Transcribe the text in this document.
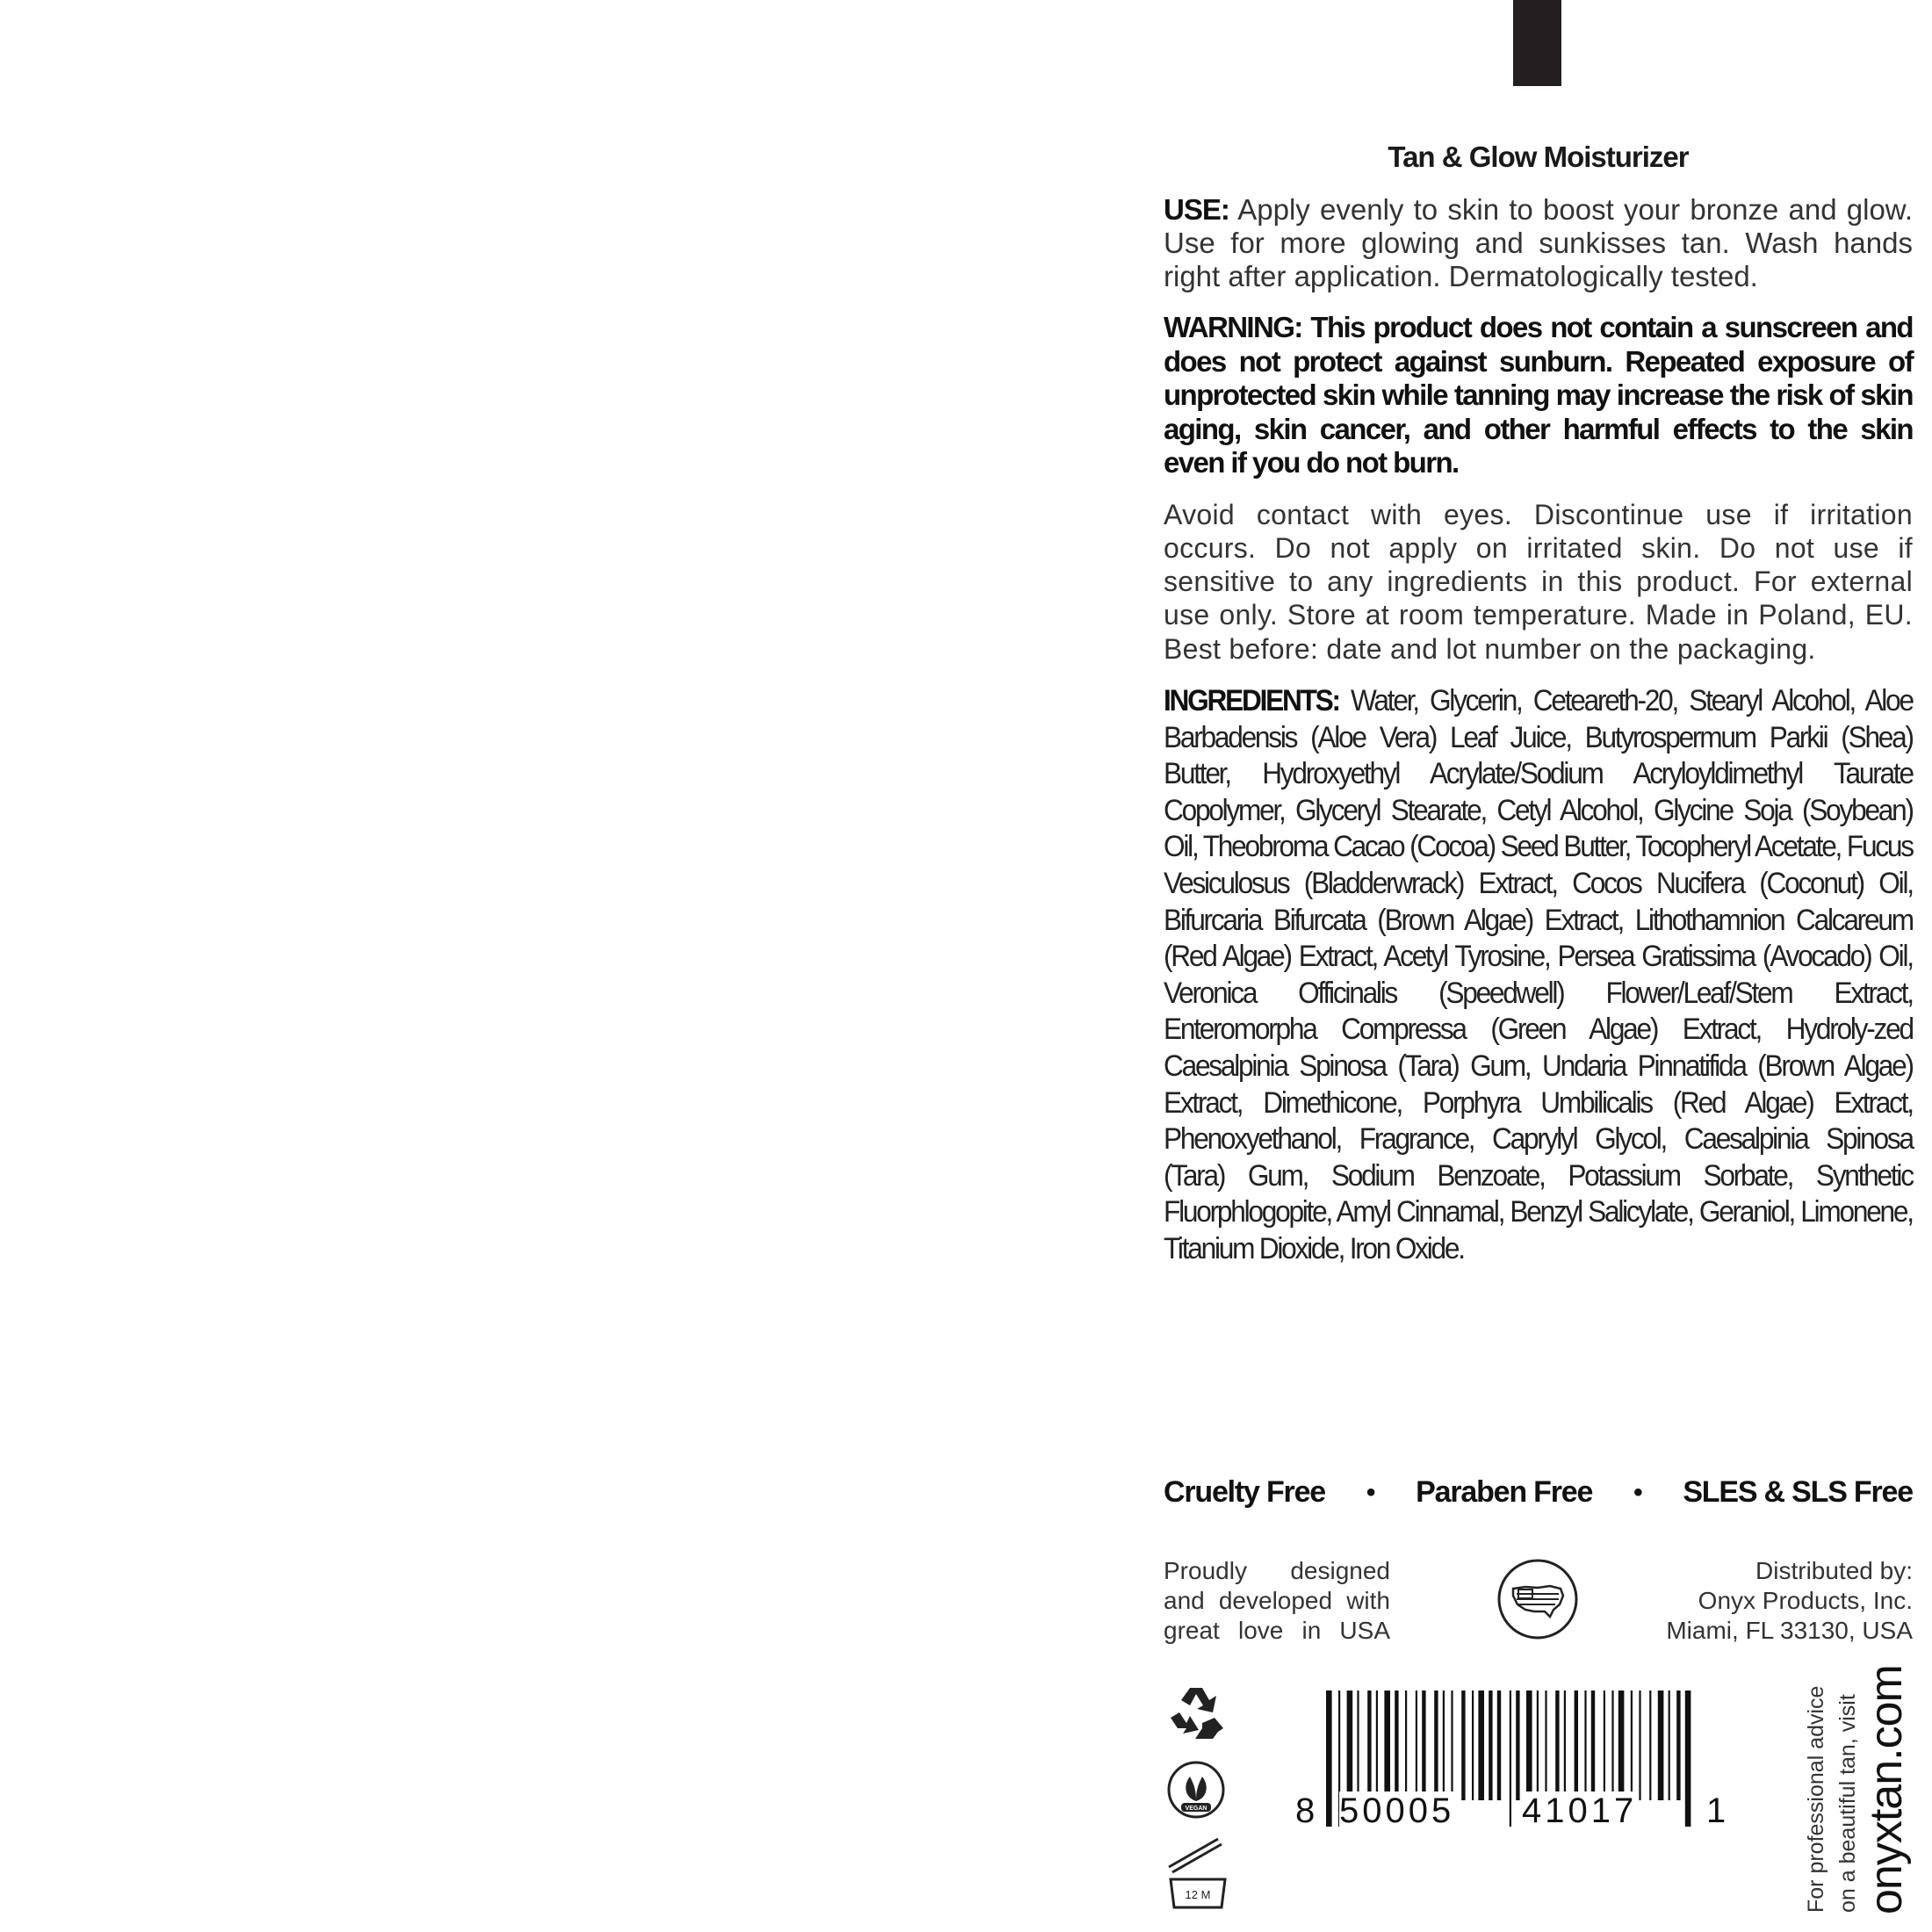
Tan & Glow Moisturizer

USE: Apply evenly to skin to boost your bronze and glow. Use for more glowing and sunkisses tan. Wash hands right after application. Dermatologically tested.

WARNING: This product does not contain a sunscreen and does not protect against sunburn. Repeated exposure of unprotected skin while tanning may increase the risk of skin aging, skin cancer, and other harmful effects to the skin even if you do not burn.

Avoid contact with eyes. Discontinue use if irritation occurs. Do not apply on irritated skin. Do not use if sensitive to any ingredients in this product. For external use only. Store at room temperature. Made in Poland, EU. Best before: date and lot number on the packaging.

INGREDIENTS: Water, Glycerin, Ceteareth-20, Stearyl Alcohol, Aloe Barbadensis (Aloe Vera) Leaf Juice, Butyrospermum Parkii (Shea) Butter, Hydroxyethyl Acrylate/Sodium Acryloyldimethyl Taurate Copolymer, Glyceryl Stearate, Cetyl Alcohol, Glycine Soja (Soybean) Oil, Theobroma Cacao (Cocoa) Seed Butter, Tocopheryl Acetate, Fucus Vesiculosus (Bladderwrack) Extract, Cocos Nucifera (Coconut) Oil, Bifurcaria Bifurcata (Brown Algae) Extract, Lithothamnion Calcareum (Red Algae) Extract, Acetyl Tyrosine, Persea Gratissima (Avocado) Oil, Veronica Officinalis (Speedwell) Flower/Leaf/Stem Extract, Enteromorpha Compressa (Green Algae) Extract, Hydroly-zed Caesalpinia Spinosa (Tara) Gum, Undaria Pinnatifida (Brown Algae) Extract, Dimethicone, Porphyra Umbilicalis (Red Algae) Extract, Phenoxyethanol, Fragrance, Caprylyl Glycol, Caesalpinia Spinosa (Tara) Gum, Sodium Benzoate, Potassium Sorbate, Synthetic Fluorphlogopite, Amyl Cinnamal, Benzyl Salicylate, Geraniol, Limonene, Titanium Dioxide, Iron Oxide.

Cruelty Free • Paraben Free • SLES & SLS Free
Proudly designed
and developed with
great love in USA
Distributed by:
Onyx Products, Inc.
Miami, FL 33130, USA
VEGAN
12 M
8 50005 41017 1	For professional advice on a beautiful tan, visit onyxtan.com
